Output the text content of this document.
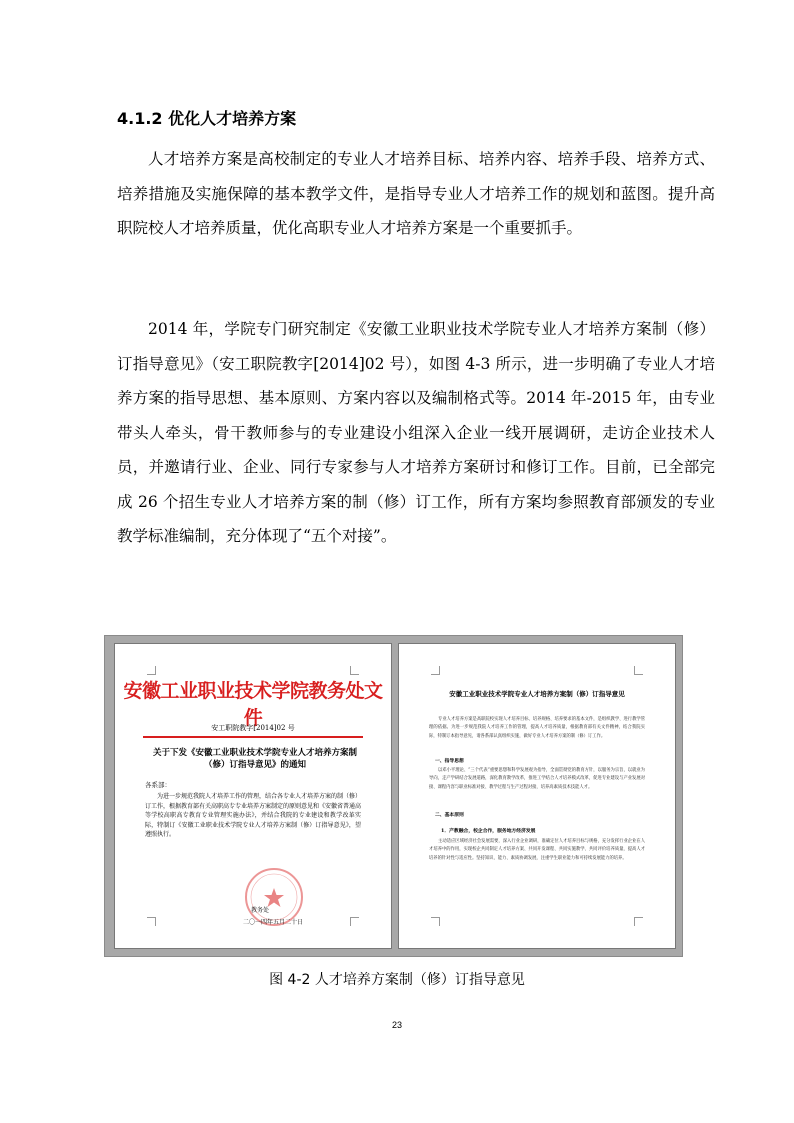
4.1.2 优化人才培养方案

人才培养方案是高校制定的专业人才培养目标、培养内容、培养手段、培养方式、培养措施及实施保障的基本教学文件，是指导专业人才培养工作的规划和蓝图。提升高职院校人才培养质量，优化高职专业人才培养方案是一个重要抓手。

2014 年，学院专门研究制定《安徽工业职业技术学院专业人才培养方案制（修）订指导意见》（安工职院教字[2014]02 号），如图 4-3 所示，进一步明确了专业人才培养方案的指导思想、基本原则、方案内容以及编制格式等。2014 年-2015 年，由专业带头人牵头，骨干教师参与的专业建设小组深入企业一线开展调研，走访企业技术人员，并邀请行业、企业、同行专家参与人才培养方案研讨和修订工作。目前，已全部完成 26 个招生专业人才培养方案的制（修）订工作，所有方案均参照教育部颁发的专业教学标准编制，充分体现了“五个对接”。

安徽工业职业技术学院教务处文件
安工职院教字[2014]02 号
关于下发《安徽工业职业技术学院专业人才培养方案制（修）订指导意见》的通知
各系部：

为进一步规范我院人才培养工作的管理，结合各专业人才培养方案的制（修）订工作，根据教育部有关高职高专专业培养方案制定的原则意见和《安徽省普通高等学校高职高专教育专业管理实施办法》，并结合我院的专业建设和教学改革实际，特制订《安徽工业职业技术学院专业人才培养方案制（修）订指导意见》，望遵照执行。

教务处
二〇一四年五月二十日
安徽工业职业技术学院专业人才培养方案制（修）订指导意见

专业人才培养方案是高职院校实现人才培养目标、培养规格、培养要求的基本文件，是组织教学、进行教学管理的依据。为进一步规范我院人才培养工作的管理，提高人才培养质量，根据教育部有关文件精神，结合我院实际，特制订本指导意见，请各系部认真组织实施，做好专业人才培养方案的制（修）订工作。

一、指导思想

以邓小平理论、“三个代表”重要思想和科学发展观为指导，全面贯彻党的教育方针，以服务为宗旨，以就业为导向，走产学研结合发展道路，深化教育教学改革，推进工学结合人才培养模式改革，促进专业建设与产业发展对接、课程内容与职业标准对接、教学过程与生产过程对接，培养高素质技术技能人才。

二、基本原则
1．产教融合，校企合作，服务地方经济发展

主动适应区域经济社会发展需要，深入行业企业调研，准确定位人才培养目标与规格，充分发挥行业企业在人才培养中的作用，实现校企共同制定人才培养方案、共同开发课程、共同实施教学、共同评价培养质量，提高人才培养的针对性与适应性。坚持知识、能力、素质协调发展，注重学生职业能力和可持续发展能力的培养。

图 4-2 人才培养方案制（修）订指导意见
23
